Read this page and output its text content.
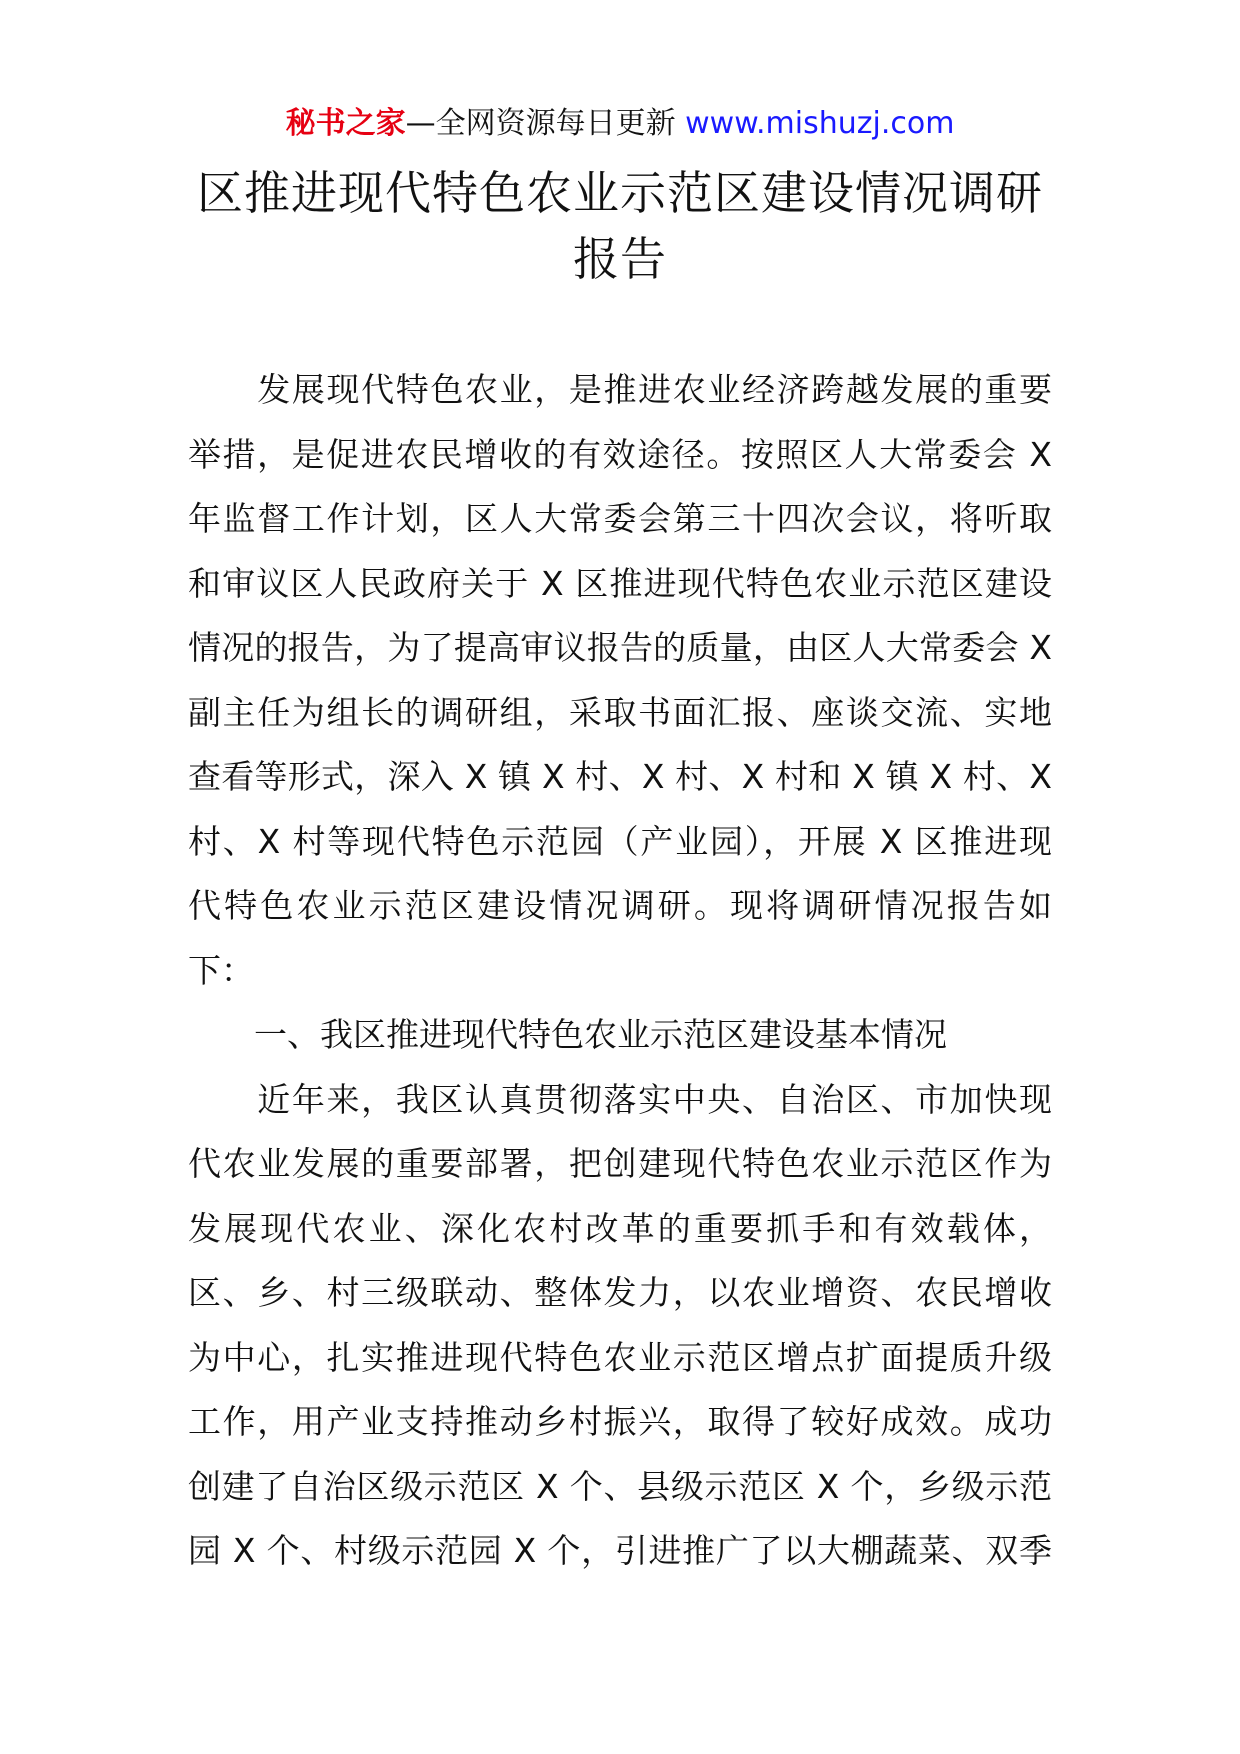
秘书之家—全网资源每日更新 www.mishuzj.com
区推进现代特色农业示范区建设情况调研
报告

　　发展现代特色农业，是推进农业经济跨越发展的重要
举措，是促进农民增收的有效途径。按照区人大常委会 X
年监督工作计划，区人大常委会第三十四次会议，将听取
和审议区人民政府关于 X 区推进现代特色农业示范区建设
情况的报告，为了提高审议报告的质量，由区人大常委会 X
副主任为组长的调研组，采取书面汇报、座谈交流、实地
查看等形式，深入 X 镇 X 村、X 村、X 村和 X 镇 X 村、X
村、X 村等现代特色示范园（产业园），开展 X 区推进现
代特色农业示范区建设情况调研。现将调研情况报告如
下：

　　一、我区推进现代特色农业示范区建设基本情况

　　近年来，我区认真贯彻落实中央、自治区、市加快现
代农业发展的重要部署，把创建现代特色农业示范区作为
发展现代农业、深化农村改革的重要抓手和有效载体，
区、乡、村三级联动、整体发力，以农业增资、农民增收
为中心，扎实推进现代特色农业示范区增点扩面提质升级
工作，用产业支持推动乡村振兴，取得了较好成效。成功
创建了自治区级示范区 X 个、县级示范区 X 个，乡级示范
园 X 个、村级示范园 X 个，引进推广了以大棚蔬菜、双季
